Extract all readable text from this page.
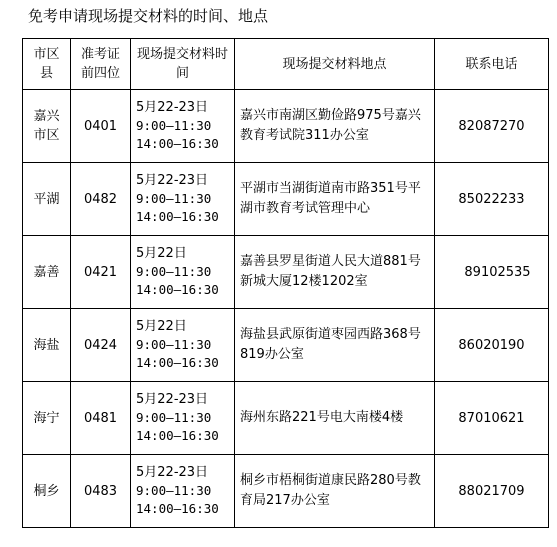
免考申请现场提交材料的时间、地点
市区县	准考证前四位	现场提交材料时间	现场提交材料地点	联系电话
嘉兴市区	0401	5月22-23日
9:00—11:30
14:00—16:30	嘉兴市南湖区勤俭路975号嘉兴教育考试院311办公室	82087270
平湖	0482	5月22-23日
9:00—11:30
14:00—16:30	平湖市当湖街道南市路351号平湖市教育考试管理中心	85022233
嘉善	0421	5月22日
9:00—11:30
14:00—16:30	嘉善县罗星街道人民大道881号新城大厦12楼1202室	89102535
海盐	0424	5月22日
9:00—11:30
14:00—16:30	海盐县武原街道枣园西路368号819办公室	86020190
海宁	0481	5月22-23日
9:00—11:30
14:00—16:30	海州东路221号电大南楼4楼	87010621
桐乡	0483	5月22-23日
9:00—11:30
14:00—16:30	桐乡市梧桐街道康民路280号教育局217办公室	88021709
